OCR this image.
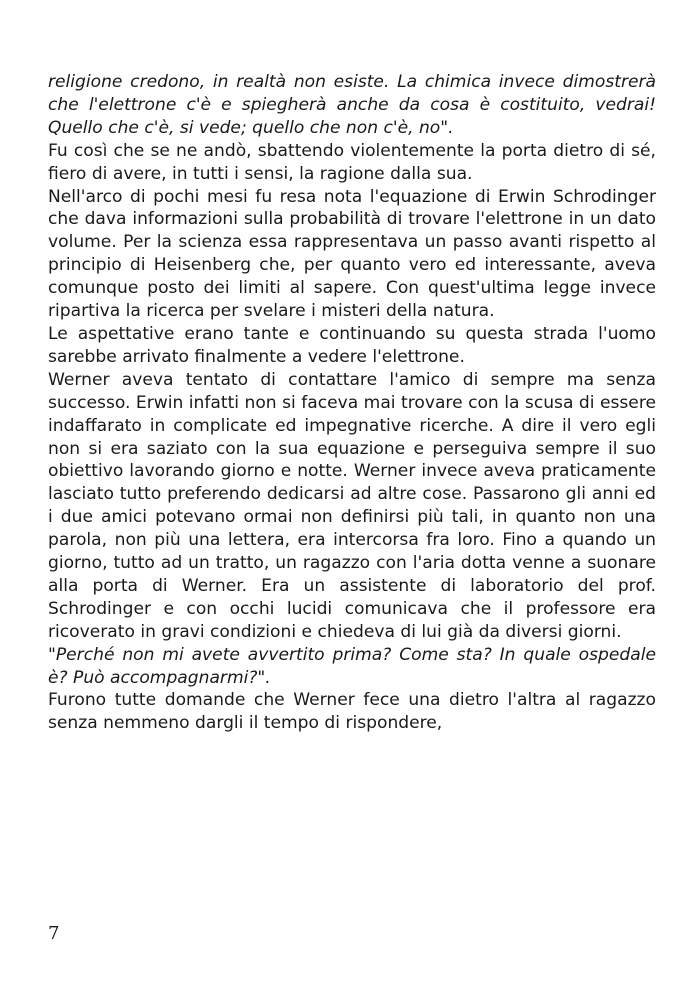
religione credono, in realtà non esiste. La chimica invece dimostrerà che l'elettrone c'è e spiegherà anche da cosa è costituito, vedrai! Quello che c'è, si vede; quello che non c'è, no".

Fu così che se ne andò, sbattendo violentemente la porta dietro di sé, fiero di avere, in tutti i sensi, la ragione dalla sua.

Nell'arco di pochi mesi fu resa nota l'equazione di Erwin Schrodinger che dava informazioni sulla probabilità di trovare l'elettrone in un dato volume. Per la scienza essa rappresentava un passo avanti rispetto al principio di Heisenberg che, per quanto vero ed interessante, aveva comunque posto dei limiti al sapere. Con quest'ultima legge invece ripartiva la ricerca per svelare i misteri della natura.

Le aspettative erano tante e continuando su questa strada l'uomo sarebbe arrivato finalmente a vedere l'elettrone.

Werner aveva tentato di contattare l'amico di sempre ma senza successo. Erwin infatti non si faceva mai trovare con la scusa di essere indaffarato in complicate ed impegnative ricerche. A dire il vero egli non si era saziato con la sua equazione e perseguiva sempre il suo obiettivo lavorando giorno e notte. Werner invece aveva praticamente lasciato tutto preferendo dedicarsi ad altre cose. Passarono gli anni ed i due amici potevano ormai non definirsi più tali, in quanto non una parola, non più una lettera, era intercorsa fra loro. Fino a quando un giorno, tutto ad un tratto, un ragazzo con l'aria dotta venne a suonare alla porta di Werner. Era un assistente di laboratorio del prof. Schrodinger e con occhi lucidi comunicava che il professore era ricoverato in gravi condizioni e chiedeva di lui già da diversi giorni.

"Perché non mi avete avvertito prima? Come sta? In quale ospedale è? Può accompagnarmi?".

Furono tutte domande che Werner fece una dietro l'altra al ragazzo senza nemmeno dargli il tempo di rispondere,

7
